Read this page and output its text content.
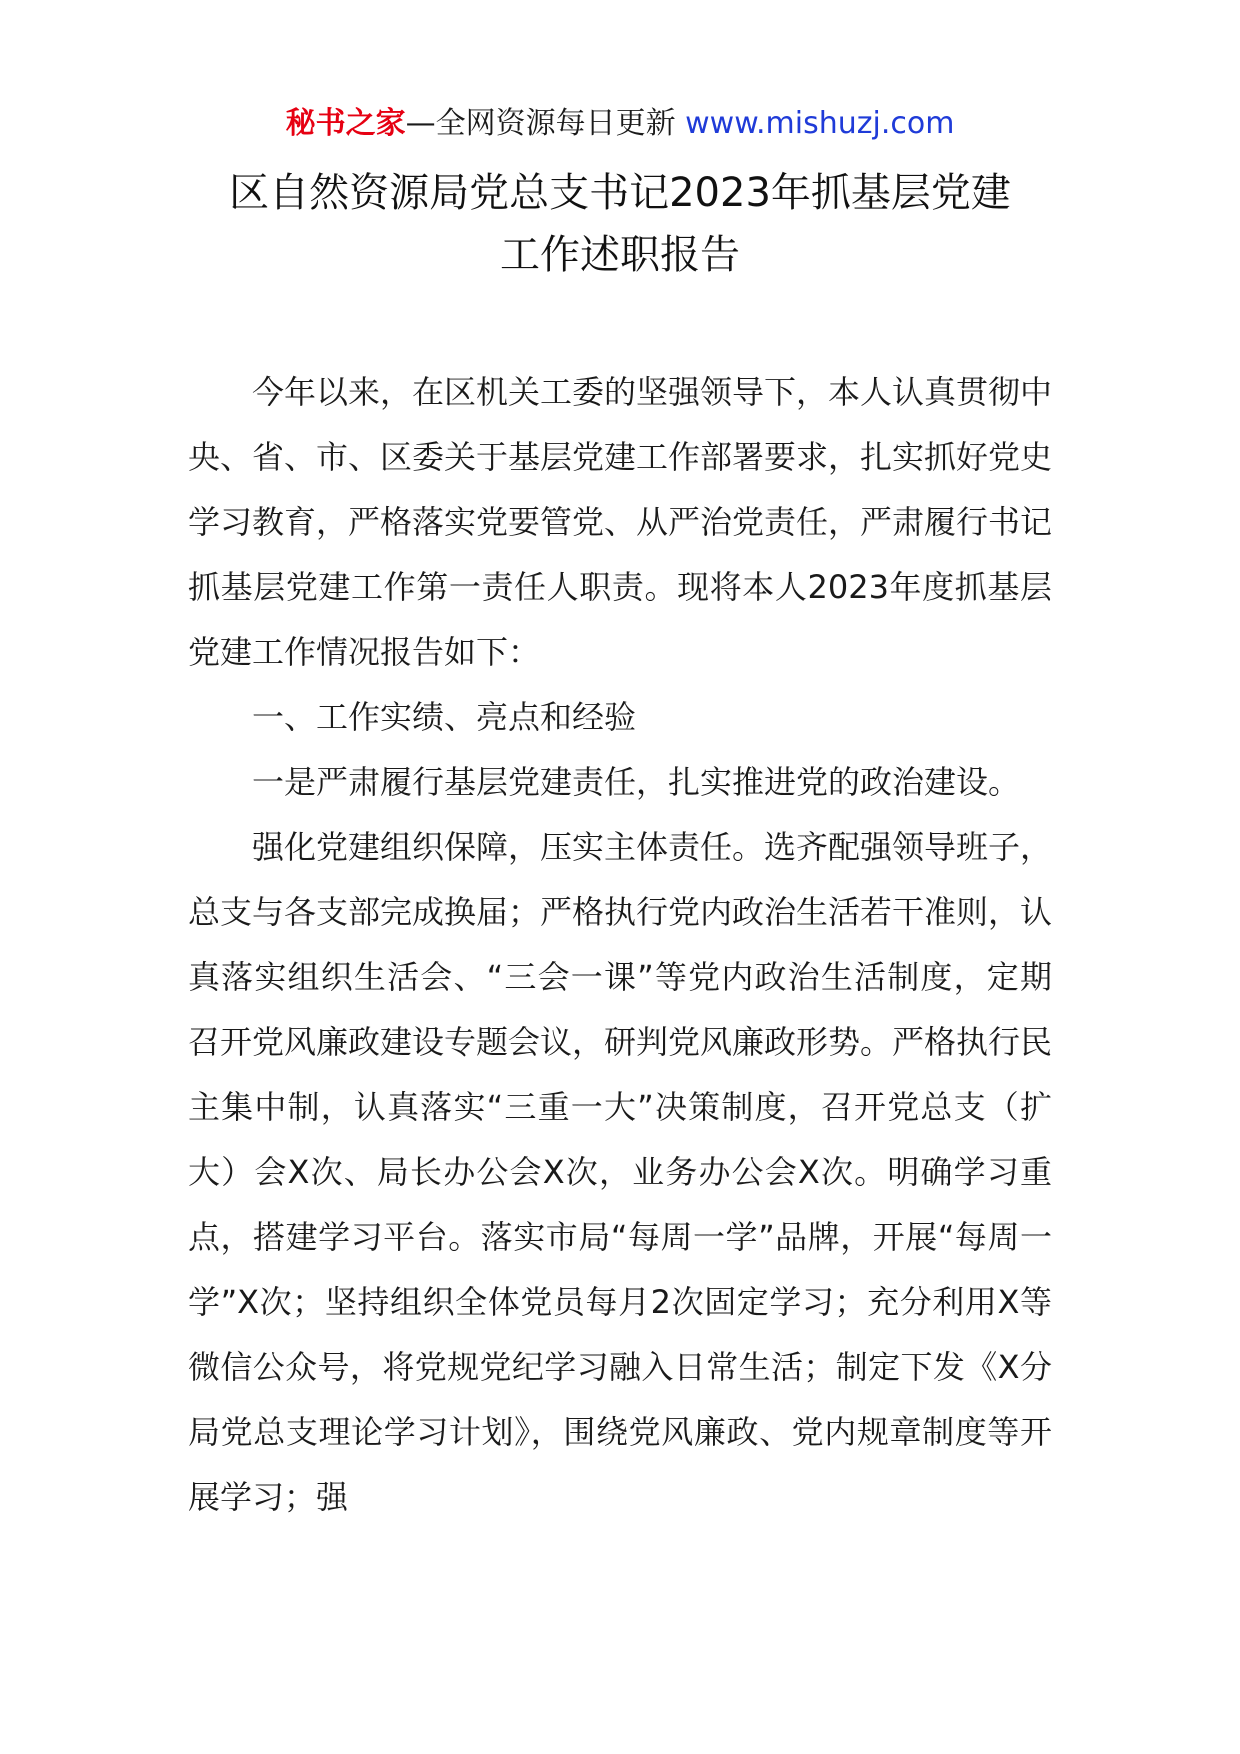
秘书之家—全网资源每日更新 www.mishuzj.com
区自然资源局党总支书记2023年抓基层党建
工作述职报告

今年以来，在区机关工委的坚强领导下，本人认真贯彻中央、省、市、区委关于基层党建工作部署要求，扎实抓好党史学习教育，严格落实党要管党、从严治党责任，严肃履行书记抓基层党建工作第一责任人职责。现将本人2023年度抓基层党建工作情况报告如下：

一、工作实绩、亮点和经验

一是严肃履行基层党建责任，扎实推进党的政治建设。

强化党建组织保障，压实主体责任。选齐配强领导班子，总支与各支部完成换届；严格执行党内政治生活若干准则，认真落实组织生活会、“三会一课”等党内政治生活制度，定期召开党风廉政建设专题会议，研判党风廉政形势。严格执行民主集中制，认真落实“三重一大”决策制度，召开党总支（扩大）会X次、局长办公会X次，业务办公会X次。明确学习重点，搭建学习平台。落实市局“每周一学”品牌，开展“每周一学”X次；坚持组织全体党员每月2次固定学习；充分利用X等微信公众号，将党规党纪学习融入日常生活；制定下发《X分局党总支理论学习计划》，围绕党风廉政、党内规章制度等开展学习；强
